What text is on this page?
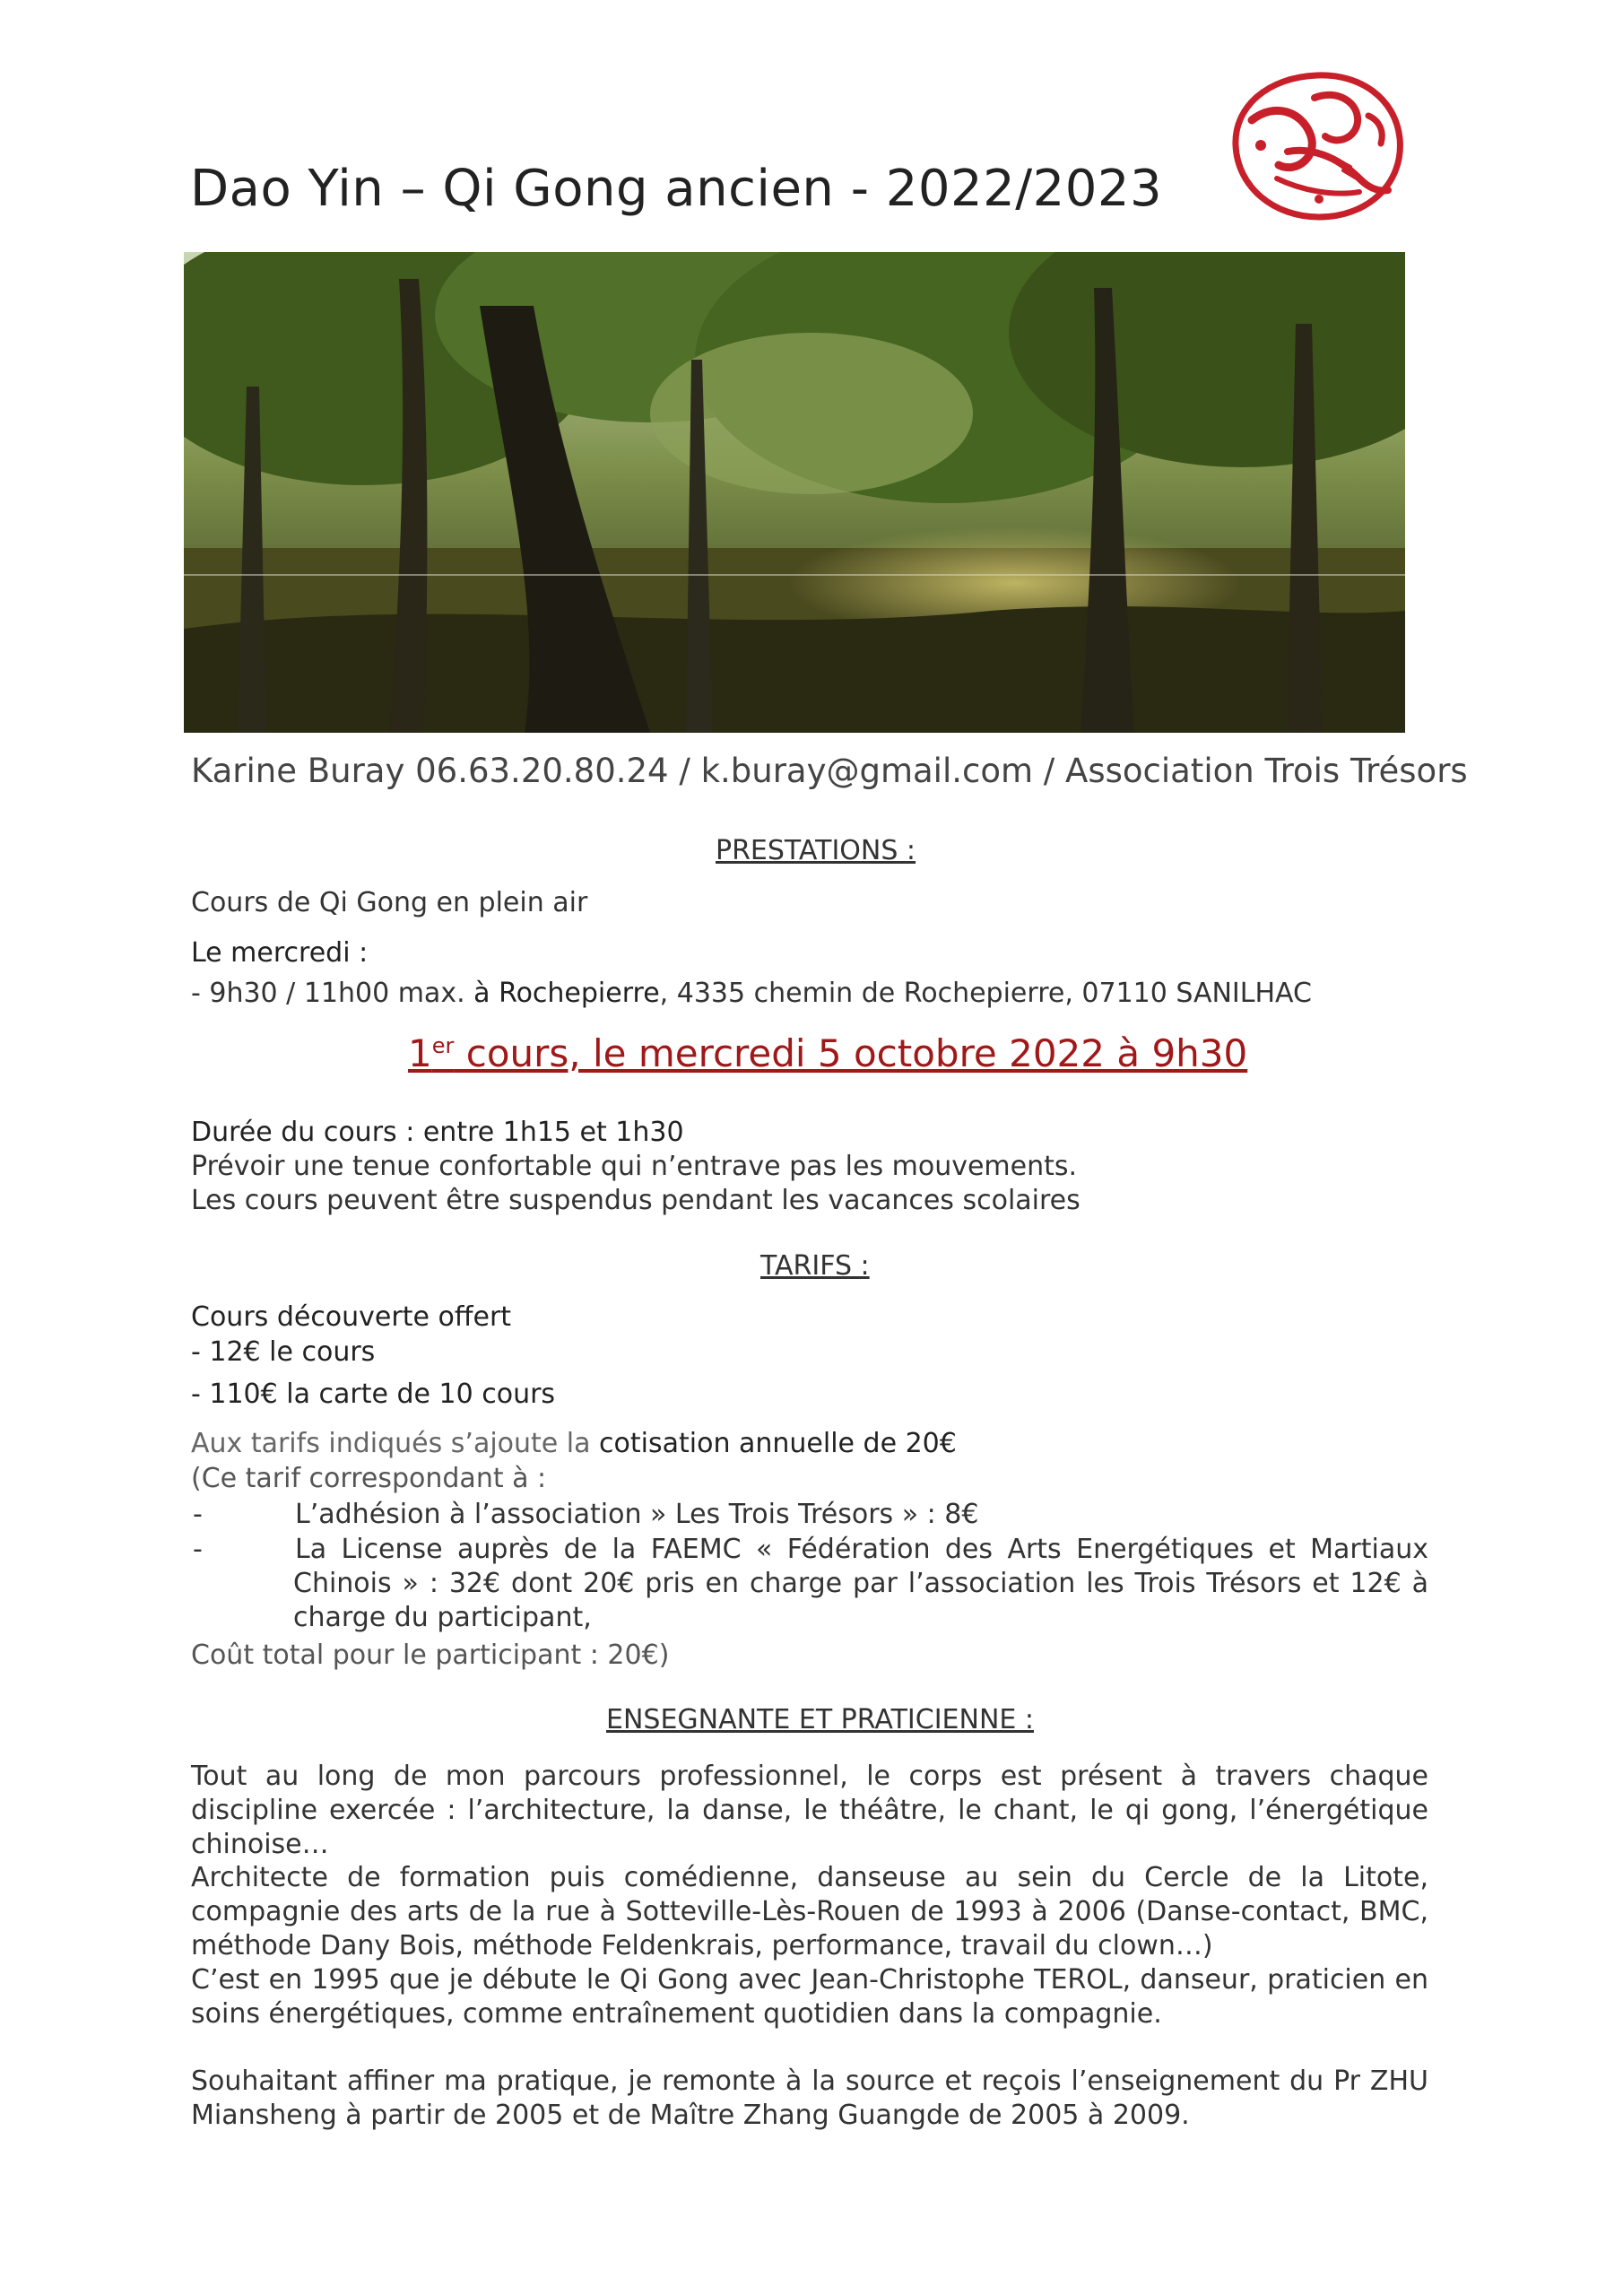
Dao Yin – Qi Gong ancien - 2022/2023
Karine Buray 06.63.20.80.24 / k.buray@gmail.com / Association Trois Trésors
PRESTATIONS :
Cours de Qi Gong en plein air
Le mercredi :
- 9h30 / 11h00 max. à Rochepierre, 4335 chemin de Rochepierre, 07110 SANILHAC
1er cours, le mercredi 5 octobre 2022 à 9h30
Durée du cours : entre 1h15 et 1h30
Prévoir une tenue confortable qui n’entrave pas les mouvements.
Les cours peuvent être suspendus pendant les vacances scolaires
TARIFS :
Cours découverte offert
- 12€ le cours
- 110€ la carte de 10 cours
Aux tarifs indiqués s’ajoute la cotisation annuelle de 20€
(Ce tarif correspondant à :
-	L’adhésion à l’association » Les Trois Trésors » : 8€
-	La License auprès de la FAEMC « Fédération des Arts Energétiques et Martiaux Chinois » : 32€ dont 20€ pris en charge par l’association les Trois Trésors et 12€ à charge du participant,
Coût total pour le participant : 20€)
ENSEGNANTE ET PRATICIENNE :
Tout au long de mon parcours professionnel, le corps est présent à travers chaque discipline exercée : l’architecture, la danse, le théâtre, le chant, le qi gong, l’énergétique chinoise…
Architecte de formation puis comédienne, danseuse au sein du Cercle de la Litote, compagnie des arts de la rue à Sotteville-Lès-Rouen de 1993 à 2006 (Danse-contact, BMC, méthode Dany Bois, méthode Feldenkrais, performance, travail du clown…)
C’est en 1995 que je débute le Qi Gong avec Jean-Christophe TEROL, danseur, praticien en soins énergétiques, comme entraînement quotidien dans la compagnie.
Souhaitant affiner ma pratique, je remonte à la source et reçois l’enseignement du Pr ZHU Miansheng à partir de 2005 et de Maître Zhang Guangde de 2005 à 2009.
